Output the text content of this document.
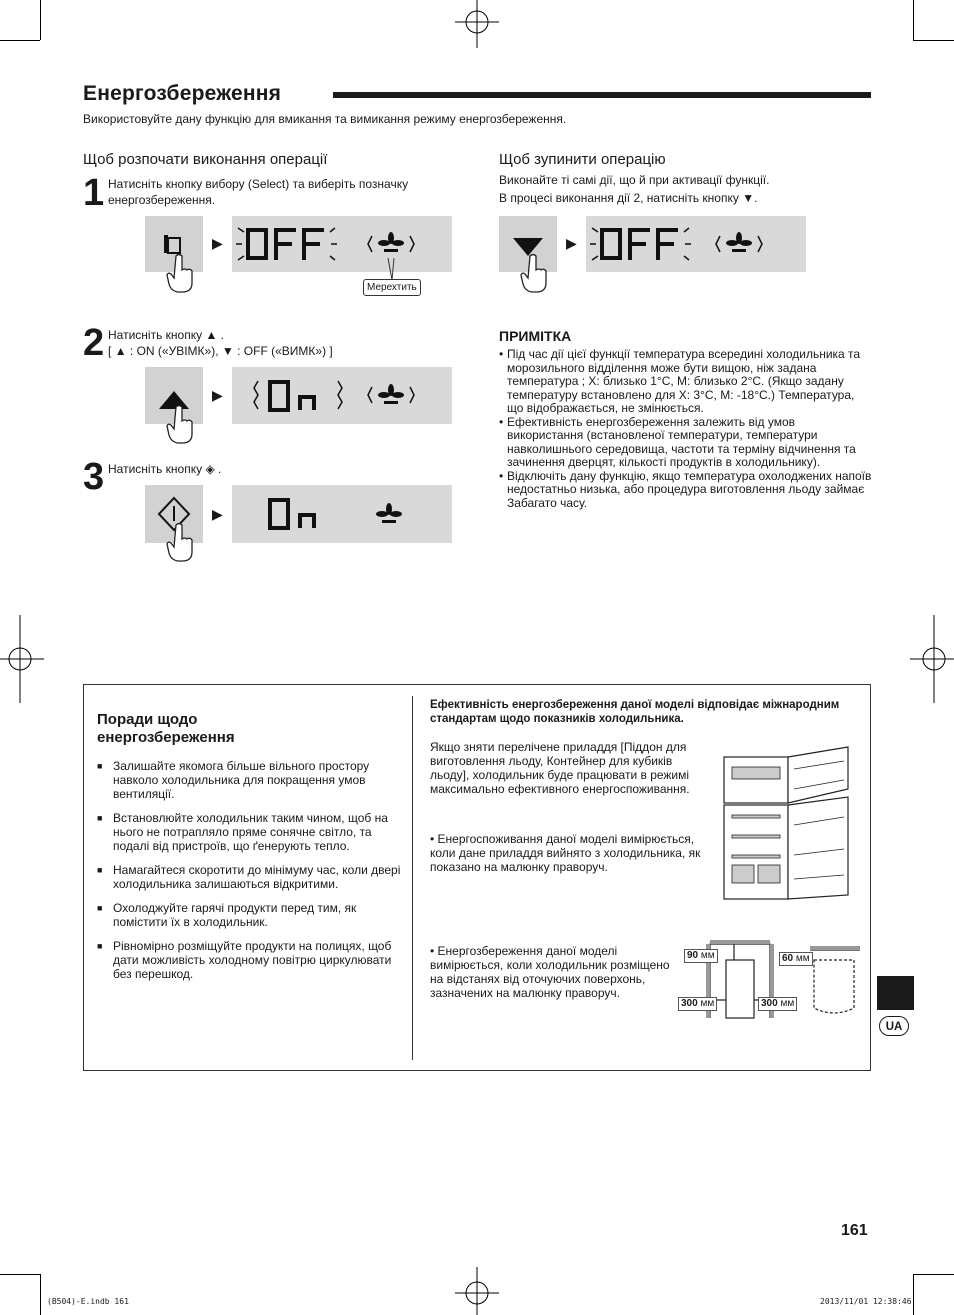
Енергозбереження
Використовуйте дану функцію для вмикання та вимикання режиму енергозбереження.
Щоб розпочати виконання операції
1 Натисніть кнопку вибору (Select) та виберіть позначку енергозбереження.
▶
Мерехтить
2 Натисніть кнопку ▲ .
[ ▲ : ON («УВІМК»), ▼ : OFF («ВИМК») ]
▶
3 Натисніть кнопку ◈ .
▶
Щоб зупинити операцію
Виконайте ті самі дії, що й при активації функції.
В процесі виконання дії 2, натисніть кнопку ▼.
▶
ПРИМІТКА
• Під час дії цієї функції температура всередині холодильника та морозильного відділення може бути вищою, ніж задана температура ; X: близько 1°C, M: близько 2°C. (Якщо задану температуру встановлено для X: 3°C, M: -18°C.) Температура, що відображається, не змінюється.
• Ефективність енергозбереження залежить від умов використання (встановленої температури, температури навколишнього середовища, частоти та терміну відчинення та зачинення дверцят, кількості продуктів в холодильнику).
• Відключіть дану функцію, якщо температура охолоджених напоїв недостатньо низька, або процедура виготовлення льоду займає Забагато часу.
Поради щодо енергозбереження
■ Залишайте якомога більше вільного простору навколо холодильника для покращення умов вентиляції.
■ Встановлюйте холодильник таким чином, щоб на нього не потрапляло пряме сонячне світло, та подалі від пристроїв, що ґенерують тепло.
■ Намагайтеся скоротити до мінімуму час, коли двері холодильника залишаються відкритими.
■ Охолоджуйте гарячі продукти перед тим, як помістити їх в холодильник.
■ Рівномірно розміщуйте продукти на полицях, щоб дати можливість холодному повітрю циркулювати без перешкод.
Ефективність енергозбереження даної моделі відповідає міжнародним стандартам щодо показників холодильника.
Якщо зняти перелічене приладдя [Піддон для виготовлення льоду, Контейнер для кубиків льоду], холодильник буде працювати в режимі максимально ефективного енергоспоживання.
• Енергоспоживання даної моделі вимірюється, коли дане приладдя вийнято з холодильника, як показано на малюнку праворуч.
• Енергозбереження даної моделі вимірюється, коли холодильник розміщено на відстанях від оточуючих поверхонь, зазначених на малюнку праворуч.
90 мм
300 мм	300 мм
60 мм
UA
161
(B504)-E.indb 161	2013/11/01 12:38:46
